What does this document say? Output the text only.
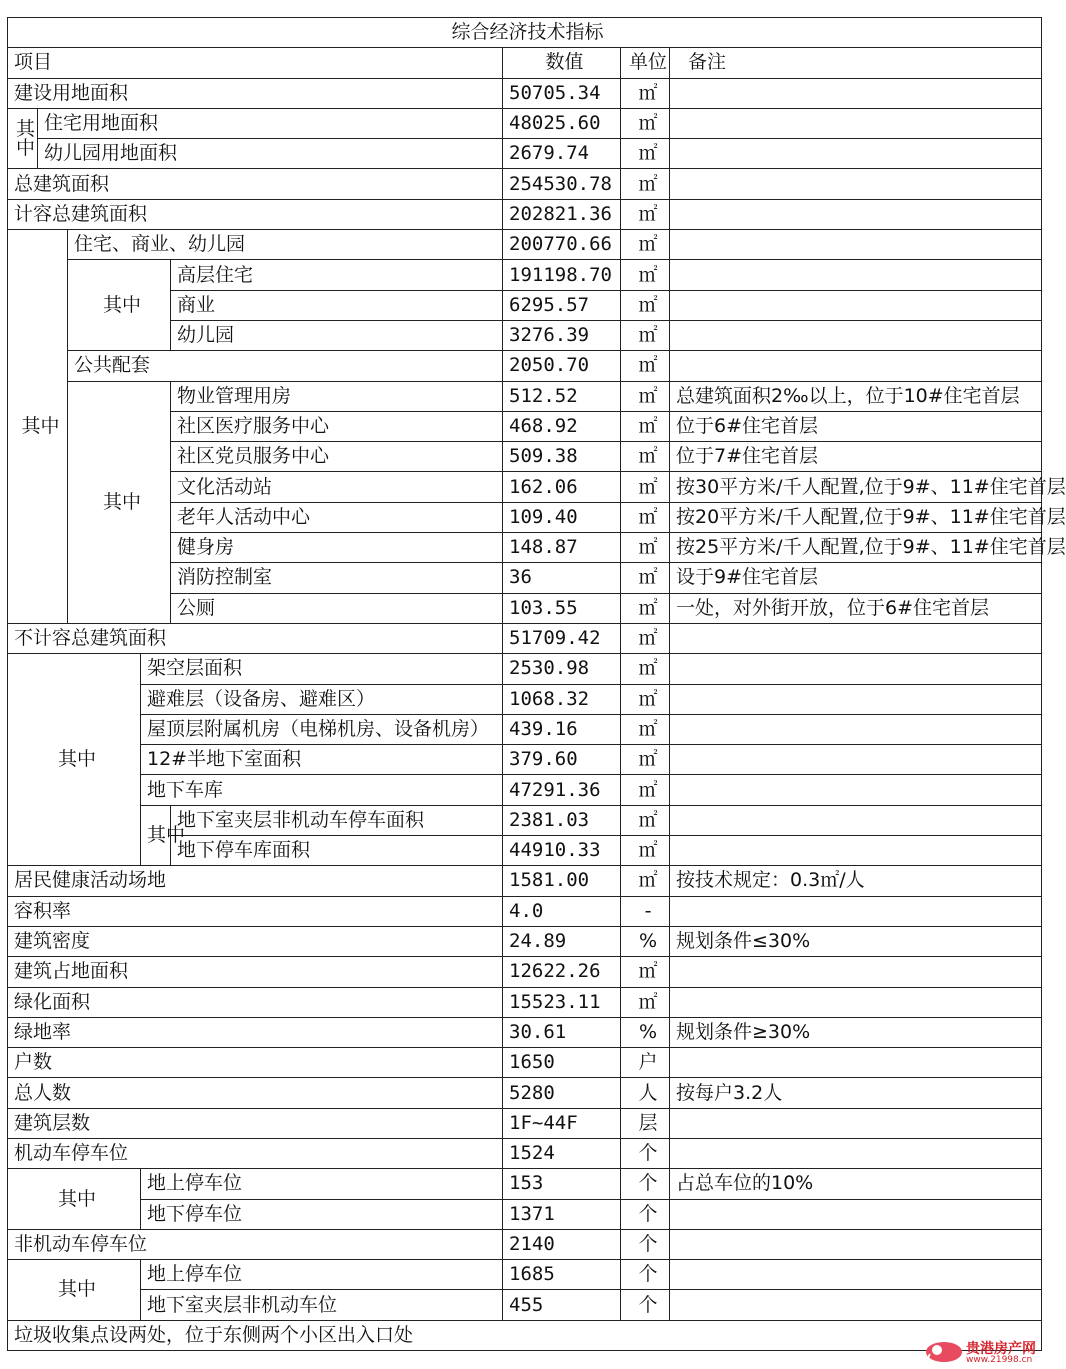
综合经济技术指标							
项目					数值	单位	备注
建设用地面积					50705.34	㎡	

其
中	住宅用地面积				48025.60	㎡	
	幼儿园用地面积				2679.74	㎡	
总建筑面积					254530.78	㎡	
计容总建筑面积					202821.36	㎡	
其中		住宅、商业、幼儿园			200770.66	㎡	
		其中		高层住宅	191198.70	㎡	
				商业	6295.57	㎡	
				幼儿园	3276.39	㎡	
		公共配套			2050.70	㎡	
		其中		物业管理用房	512.52	㎡	总建筑面积2‰以上，位于10#住宅首层
				社区医疗服务中心	468.92	㎡	位于6#住宅首层
				社区党员服务中心	509.38	㎡	位于7#住宅首层
				文化活动站	162.06	㎡	按30平方米/千人配置,位于9#、11#住宅首层
				老年人活动中心	109.40	㎡	按20平方米/千人配置,位于9#、11#住宅首层
				健身房	148.87	㎡	按25平方米/千人配置,位于9#、11#住宅首层
				消防控制室	36	㎡	设于9#住宅首层
				公厕	103.55	㎡	一处，对外街开放，位于6#住宅首层
不计容总建筑面积					51709.42	㎡	
其中			架空层面积		2530.98	㎡	
			避难层（设备房、避难区）		1068.32	㎡	
			屋顶层附属机房（电梯机房、设备机房）		439.16	㎡	
			12#半地下室面积		379.60	㎡	
			地下车库		47291.36	㎡	
			其中	地下室夹层非机动车停车面积	2381.03	㎡	
				地下停车库面积	44910.33	㎡	
居民健康活动场地					1581.00	㎡	按技术规定：0.3㎡/人
容积率					4.0	-	
建筑密度					24.89	%	规划条件≤30%
建筑占地面积					12622.26	㎡	
绿化面积					15523.11	㎡	
绿地率					30.61	%	规划条件≥30%
户数					1650	户	
总人数					5280	人	按每户3.2人
建筑层数					1F~44F	层	
机动车停车位					1524	个	
其中			地上停车位		153	个	占总车位的10%
			地下停车位		1371	个	
非机动车停车位					2140	个	
其中			地上停车位		1685	个	
			地下室夹层非机动车位		455	个	
垃圾收集点设两处，位于东侧两个小区出入口处							
贵港房产网
www.21998.cn
